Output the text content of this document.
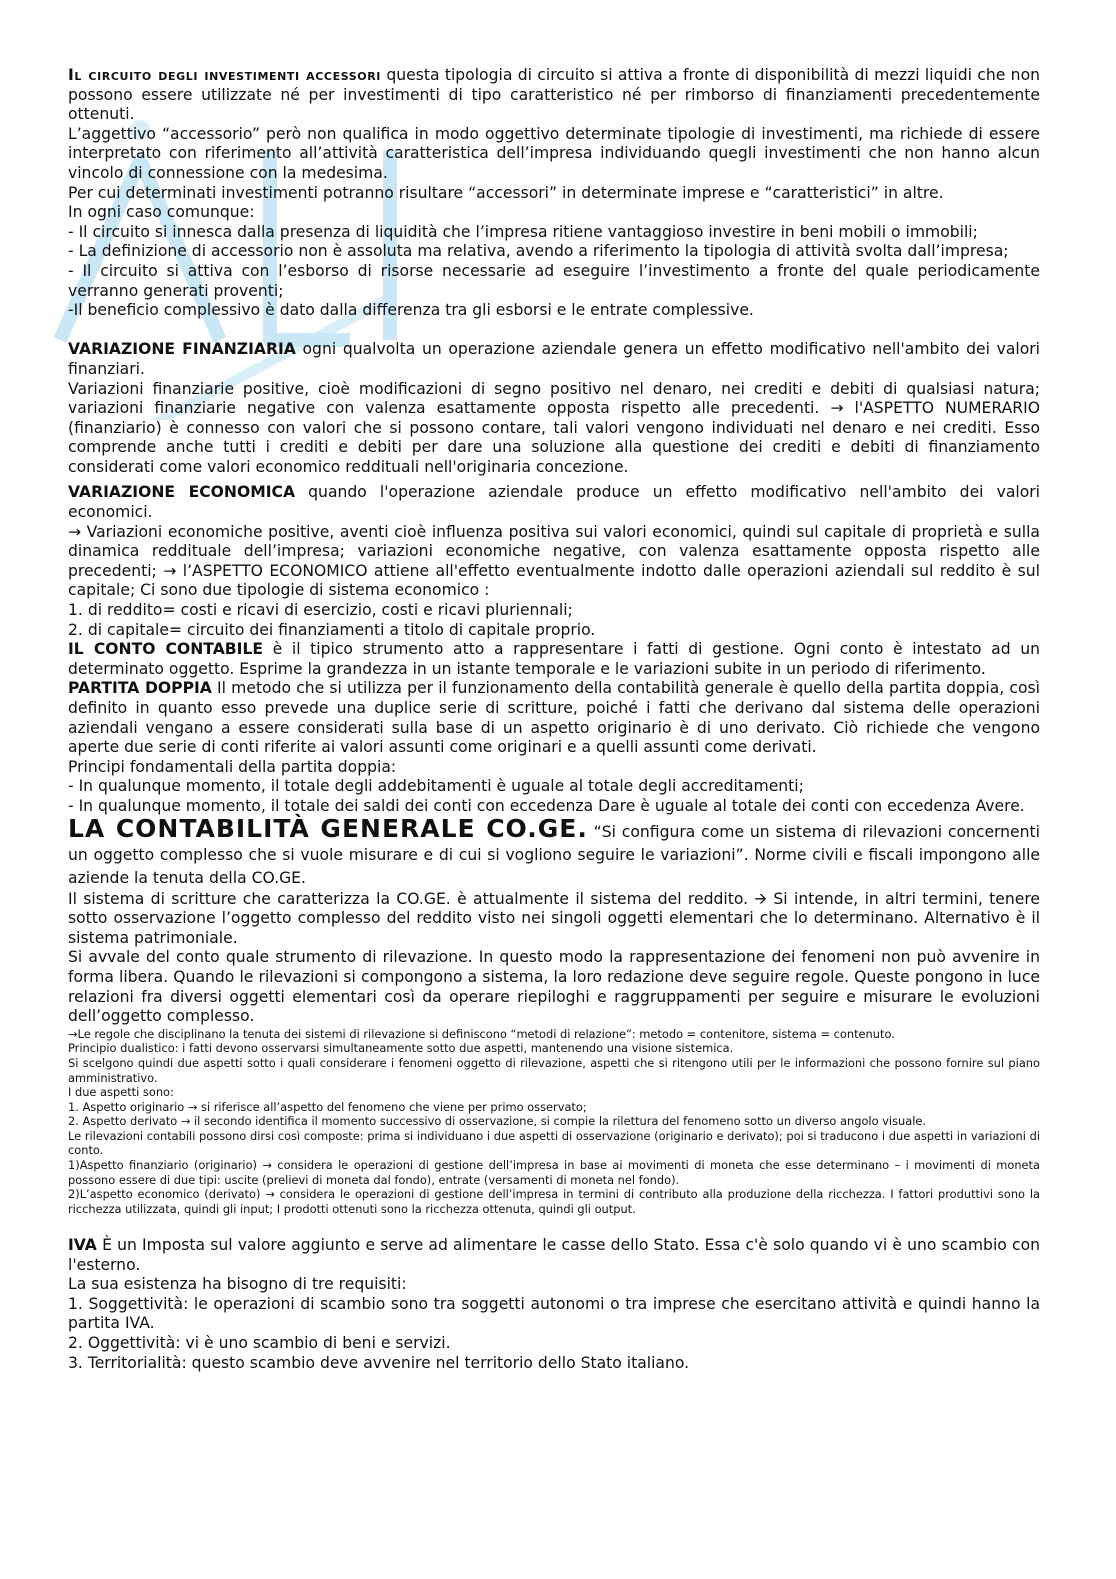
Il circuito degli investimenti accessori questa tipologia di circuito si attiva a fronte di disponibilità di mezzi liquidi che non possono essere utilizzate né per investimenti di tipo caratteristico né per rimborso di finanziamenti precedentemente ottenuti.

L’aggettivo “accessorio” però non qualifica in modo oggettivo determinate tipologie di investimenti, ma richiede di essere interpretato con riferimento all’attività caratteristica dell’impresa individuando quegli investimenti che non hanno alcun vincolo di connessione con la medesima.

Per cui determinati investimenti potranno risultare “accessori” in determinate imprese e “caratteristici” in altre.

In ogni caso comunque:

- Il circuito si innesca dalla presenza di liquidità che l’impresa ritiene vantaggioso investire in beni mobili o immobili;

- La definizione di accessorio non è assoluta ma relativa, avendo a riferimento la tipologia di attività svolta dall’impresa;

- Il circuito si attiva con l’esborso di risorse necessarie ad eseguire l’investimento a fronte del quale periodicamente verranno generati proventi;

-Il beneficio complessivo è dato dalla differenza tra gli esborsi e le entrate complessive.

VARIAZIONE FINANZIARIA ogni qualvolta un operazione aziendale genera un effetto modificativo nell'ambito dei valori finanziari.

Variazioni finanziarie positive, cioè modificazioni di segno positivo nel denaro, nei crediti e debiti di qualsiasi natura; variazioni finanziarie negative con valenza esattamente opposta rispetto alle precedenti. → l'ASPETTO NUMERARIO (finanziario) è connesso con valori che si possono contare, tali valori vengono individuati nel denaro e nei crediti. Esso comprende anche tutti i crediti e debiti per dare una soluzione alla questione dei crediti e debiti di finanziamento considerati come valori economico reddituali nell'originaria concezione.

VARIAZIONE ECONOMICA quando l'operazione aziendale produce un effetto modificativo nell'ambito dei valori economici.

→ Variazioni economiche positive, aventi cioè influenza positiva sui valori economici, quindi sul capitale di proprietà e sulla dinamica reddituale dell’impresa; variazioni economiche negative, con valenza esattamente opposta rispetto alle precedenti; → l’ASPETTO ECONOMICO attiene all'effetto eventualmente indotto dalle operazioni aziendali sul reddito è sul capitale; Ci sono due tipologie di sistema economico :

1. di reddito= costi e ricavi di esercizio, costi e ricavi pluriennali;

2. di capitale= circuito dei finanziamenti a titolo di capitale proprio.

IL CONTO CONTABILE è il tipico strumento atto a rappresentare i fatti di gestione. Ogni conto è intestato ad un determinato oggetto. Esprime la grandezza in un istante temporale e le variazioni subite in un periodo di riferimento.

PARTITA DOPPIA Il metodo che si utilizza per il funzionamento della contabilità generale è quello della partita doppia, così definito in quanto esso prevede una duplice serie di scritture, poiché i fatti che derivano dal sistema delle operazioni aziendali vengano a essere considerati sulla base di un aspetto originario è di uno derivato. Ciò richiede che vengono aperte due serie di conti riferite ai valori assunti come originari e a quelli assunti come derivati.

Principi fondamentali della partita doppia:

- In qualunque momento, il totale degli addebitamenti è uguale al totale degli accreditamenti;

- In qualunque momento, il totale dei saldi dei conti con eccedenza Dare è uguale al totale dei conti con eccedenza Avere.

LA CONTABILITÀ GENERALE CO.GE. “Si configura come un sistema di rilevazioni concernenti un oggetto complesso che si vuole misurare e di cui si vogliono seguire le variazioni”. Norme civili e fiscali impongono alle aziende la tenuta della CO.GE.

Il sistema di scritture che caratterizza la CO.GE. è attualmente il sistema del reddito. 🡪 Si intende, in altri termini, tenere sotto osservazione l’oggetto complesso del reddito visto nei singoli oggetti elementari che lo determinano. Alternativo è il sistema patrimoniale.

Si avvale del conto quale strumento di rilevazione. In questo modo la rappresentazione dei fenomeni non può avvenire in forma libera. Quando le rilevazioni si compongono a sistema, la loro redazione deve seguire regole. Queste pongono in luce relazioni fra diversi oggetti elementari così da operare riepiloghi e raggruppamenti per seguire e misurare le evoluzioni dell’oggetto complesso.

→Le regole che disciplinano la tenuta dei sistemi di rilevazione si definiscono “metodi di relazione”: metodo = contenitore, sistema = contenuto.

Principio dualistico: i fatti devono osservarsi simultaneamente sotto due aspetti, mantenendo una visione sistemica.

Si scelgono quindi due aspetti sotto i quali considerare i fenomeni oggetto di rilevazione, aspetti che si ritengono utili per le informazioni che possono fornire sul piano amministrativo.

I due aspetti sono:

1. Aspetto originario → si riferisce all’aspetto del fenomeno che viene per primo osservato;

2. Aspetto derivato → il secondo identifica il momento successivo di osservazione, si compie la rilettura del fenomeno sotto un diverso angolo visuale.

Le rilevazioni contabili possono dirsi così composte: prima si individuano i due aspetti di osservazione (originario e derivato); poi si traducono i due aspetti in variazioni di conto.

1)Aspetto finanziario (originario) → considera le operazioni di gestione dell’impresa in base ai movimenti di moneta che esse determinano – i movimenti di moneta possono essere di due tipi: uscite (prelievi di moneta dal fondo), entrate (versamenti di moneta nel fondo).

2)L’aspetto economico (derivato) → considera le operazioni di gestione dell’impresa in termini di contributo alla produzione della ricchezza. I fattori produttivi sono la ricchezza utilizzata, quindi gli input; I prodotti ottenuti sono la ricchezza ottenuta, quindi gli output.

IVA È un Imposta sul valore aggiunto e serve ad alimentare le casse dello Stato. Essa c'è solo quando vi è uno scambio con l'esterno.

La sua esistenza ha bisogno di tre requisiti:

1. Soggettività: le operazioni di scambio sono tra soggetti autonomi o tra imprese che esercitano attività e quindi hanno la partita IVA.

2. Oggettività: vi è uno scambio di beni e servizi.

3. Territorialità: questo scambio deve avvenire nel territorio dello Stato italiano.
